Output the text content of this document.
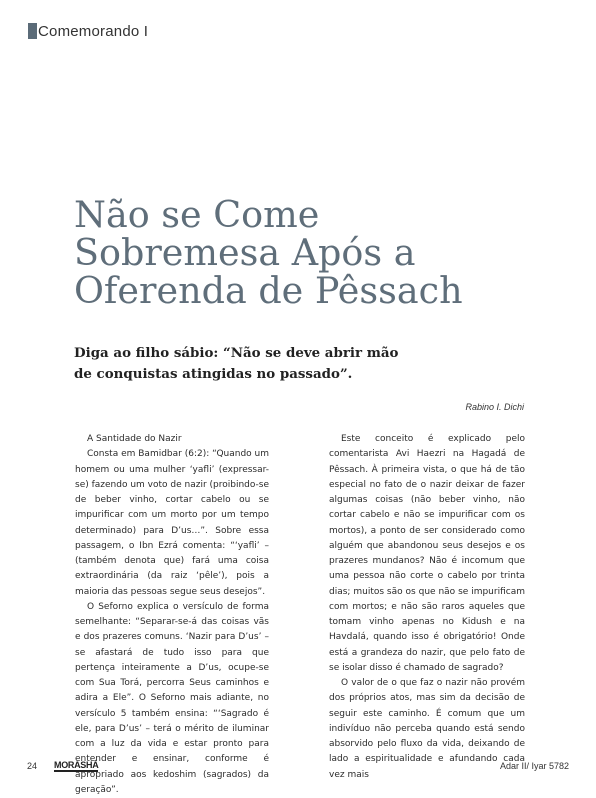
Comemorando I
Não se Come
Sobremesa Após a
Oferenda de Pêssach
Diga ao filho sábio: “Não se deve abrir mão
de conquistas atingidas no passado”.
Rabino I. Dichi

A Santidade do Nazir

Consta em Bamidbar (6:2): “Quando um homem ou uma mulher ‘yafli’ (expressar-se) fazendo um voto de nazir (proibindo-se de beber vinho, cortar cabelo ou se impurificar com um morto por um tempo determinado) para D’us…”. Sobre essa passagem, o Ibn Ezrá comenta: “‘yafli’ – (também denota que) fará uma coisa extraordinária (da raiz ‘pêle’), pois a maioria das pessoas segue seus desejos”.

O Seforno explica o versículo de forma semelhante: “Separar-se-á das coisas vãs e dos prazeres comuns. ‘Nazir para D’us’ – se afastará de tudo isso para que pertença inteiramente a D’us, ocupe-se com Sua Torá, percorra Seus caminhos e adira a Ele”. O Seforno mais adiante, no versículo 5 também ensina: “‘Sagrado é ele, para D’us’ – terá o mérito de iluminar com a luz da vida e estar pronto para entender e ensinar, conforme é apropriado aos kedoshim (sagrados) da geração”.

Este conceito é explicado pelo comentarista Avi Haezri na Hagadá de Pêssach. À primeira vista, o que há de tão especial no fato de o nazir deixar de fazer algumas coisas (não beber vinho, não cortar cabelo e não se impurificar com os mortos), a ponto de ser considerado como alguém que abandonou seus desejos e os prazeres mundanos? Não é incomum que uma pessoa não corte o cabelo por trinta dias; muitos são os que não se impurificam com mortos; e não são raros aqueles que tomam vinho apenas no Kidush e na Havdalá, quando isso é obrigatório! Onde está a grandeza do nazir, que pelo fato de se isolar disso é chamado de sagrado?

O valor de o que faz o nazir não provém dos próprios atos, mas sim da decisão de seguir este caminho. É comum que um indivíduo não perceba quando está sendo absorvido pelo fluxo da vida, deixando de lado a espiritualidade e afundando cada vez mais

24 MORASHÁ	Adar II/ Iyar 5782
